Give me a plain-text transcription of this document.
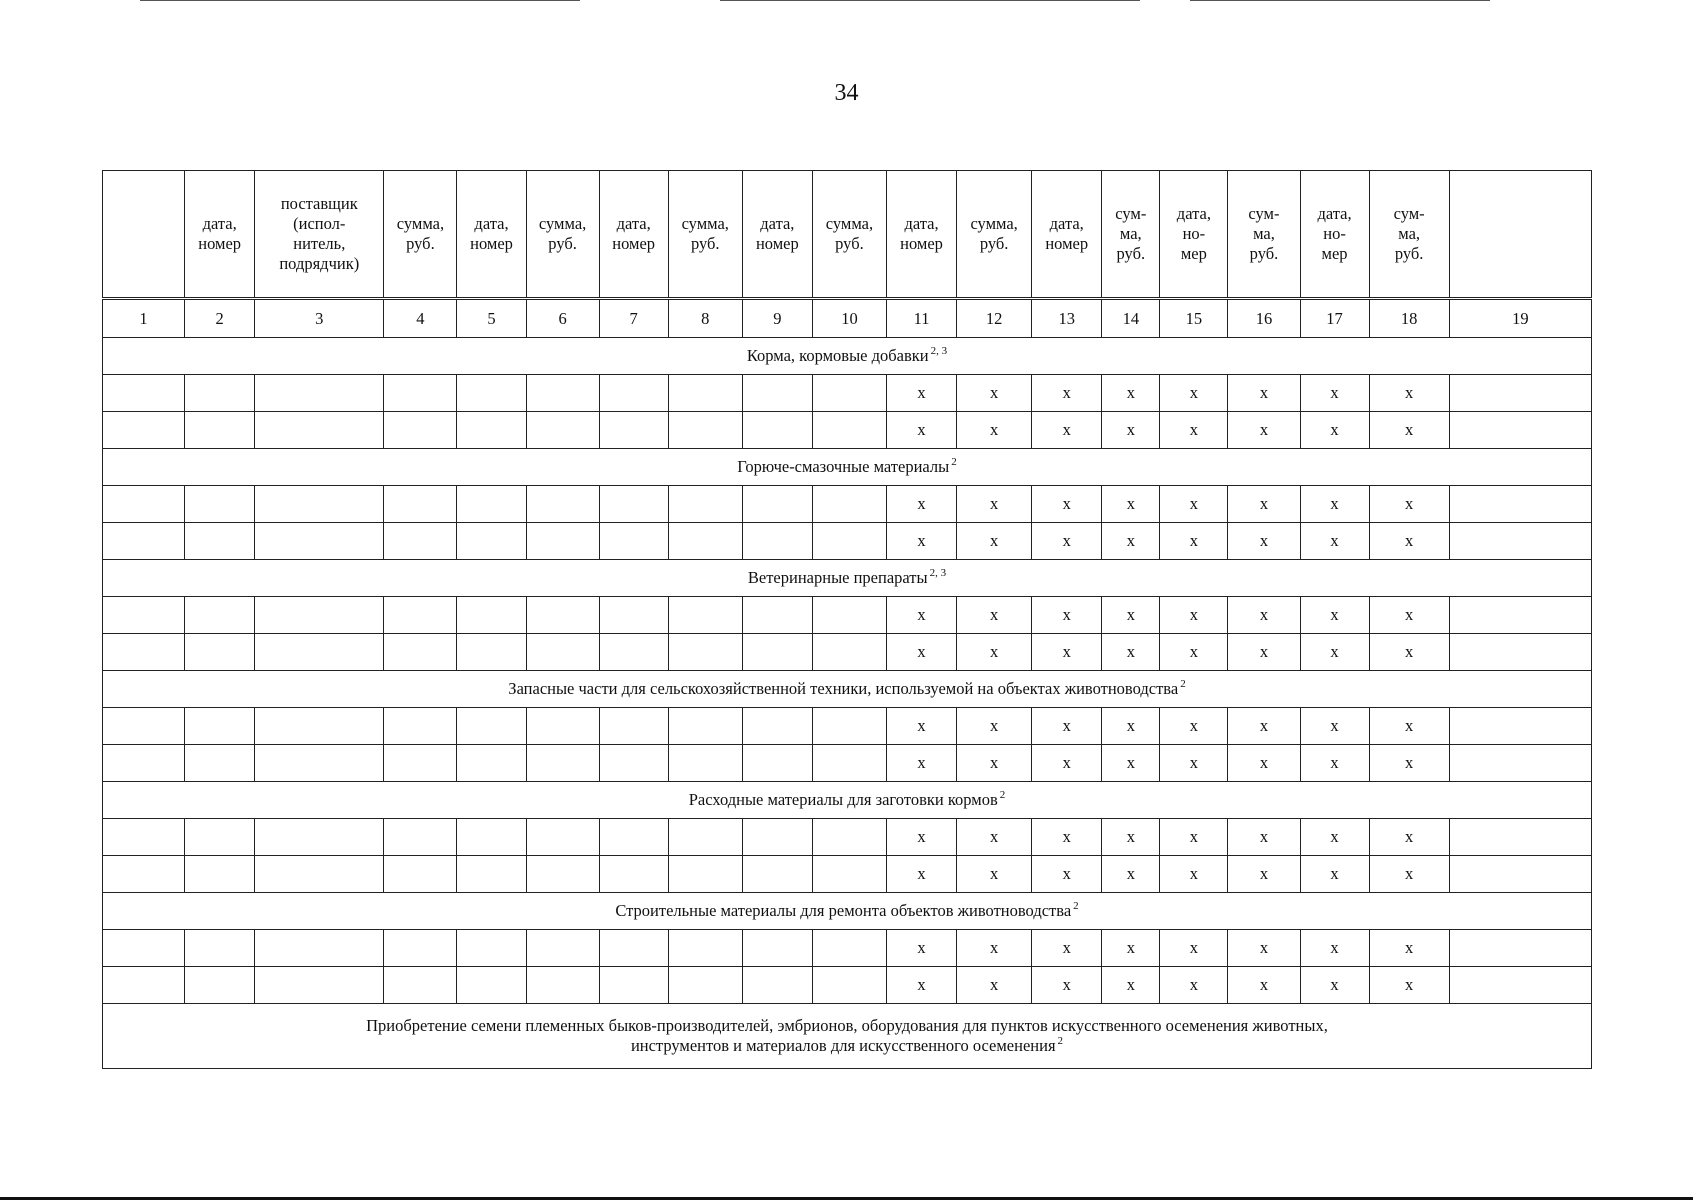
34
	дата,
номер	поставщик
(испол-
нитель,
подрядчик)	сумма,
руб.	дата,
номер	сумма,
руб.	дата,
номер	сумма,
руб.	дата,
номер	сумма,
руб.	дата,
номер	сумма,
руб.	дата,
номер	сум-
ма,
руб.	дата,
но-
мер	сум-
ма,
руб.	дата,
но-
мер	сум-
ма,
руб.	
1	2	3	4	5	6	7	8	9	10	11	12	13	14	15	16	17	18	19
Корма, кормовые добавки $^{2, 3}$
										x	x	x	x	x	x	x	x	
										x	x	x	x	x	x	x	x	
Горюче-смазочные материалы $^2$
										x	x	x	x	x	x	x	x	
										x	x	x	x	x	x	x	x	
Ветеринарные препараты $^{2, 3}$
										x	x	x	x	x	x	x	x	
										x	x	x	x	x	x	x	x	
Запасные части для сельскохозяйственной техники, используемой на объектах животноводства $^2$
										x	x	x	x	x	x	x	x	
										x	x	x	x	x	x	x	x	
Расходные материалы для заготовки кормов $^2$
										x	x	x	x	x	x	x	x	
										x	x	x	x	x	x	x	x	
Строительные материалы для ремонта объектов животноводства $^2$
										x	x	x	x	x	x	x	x	
										x	x	x	x	x	x	x	x	

Приобретение семени племенных быков-производителей, эмбрионов, оборудования для пунктов искусственного осеменения животных,
инструментов и материалов для искусственного осеменения $^2$
